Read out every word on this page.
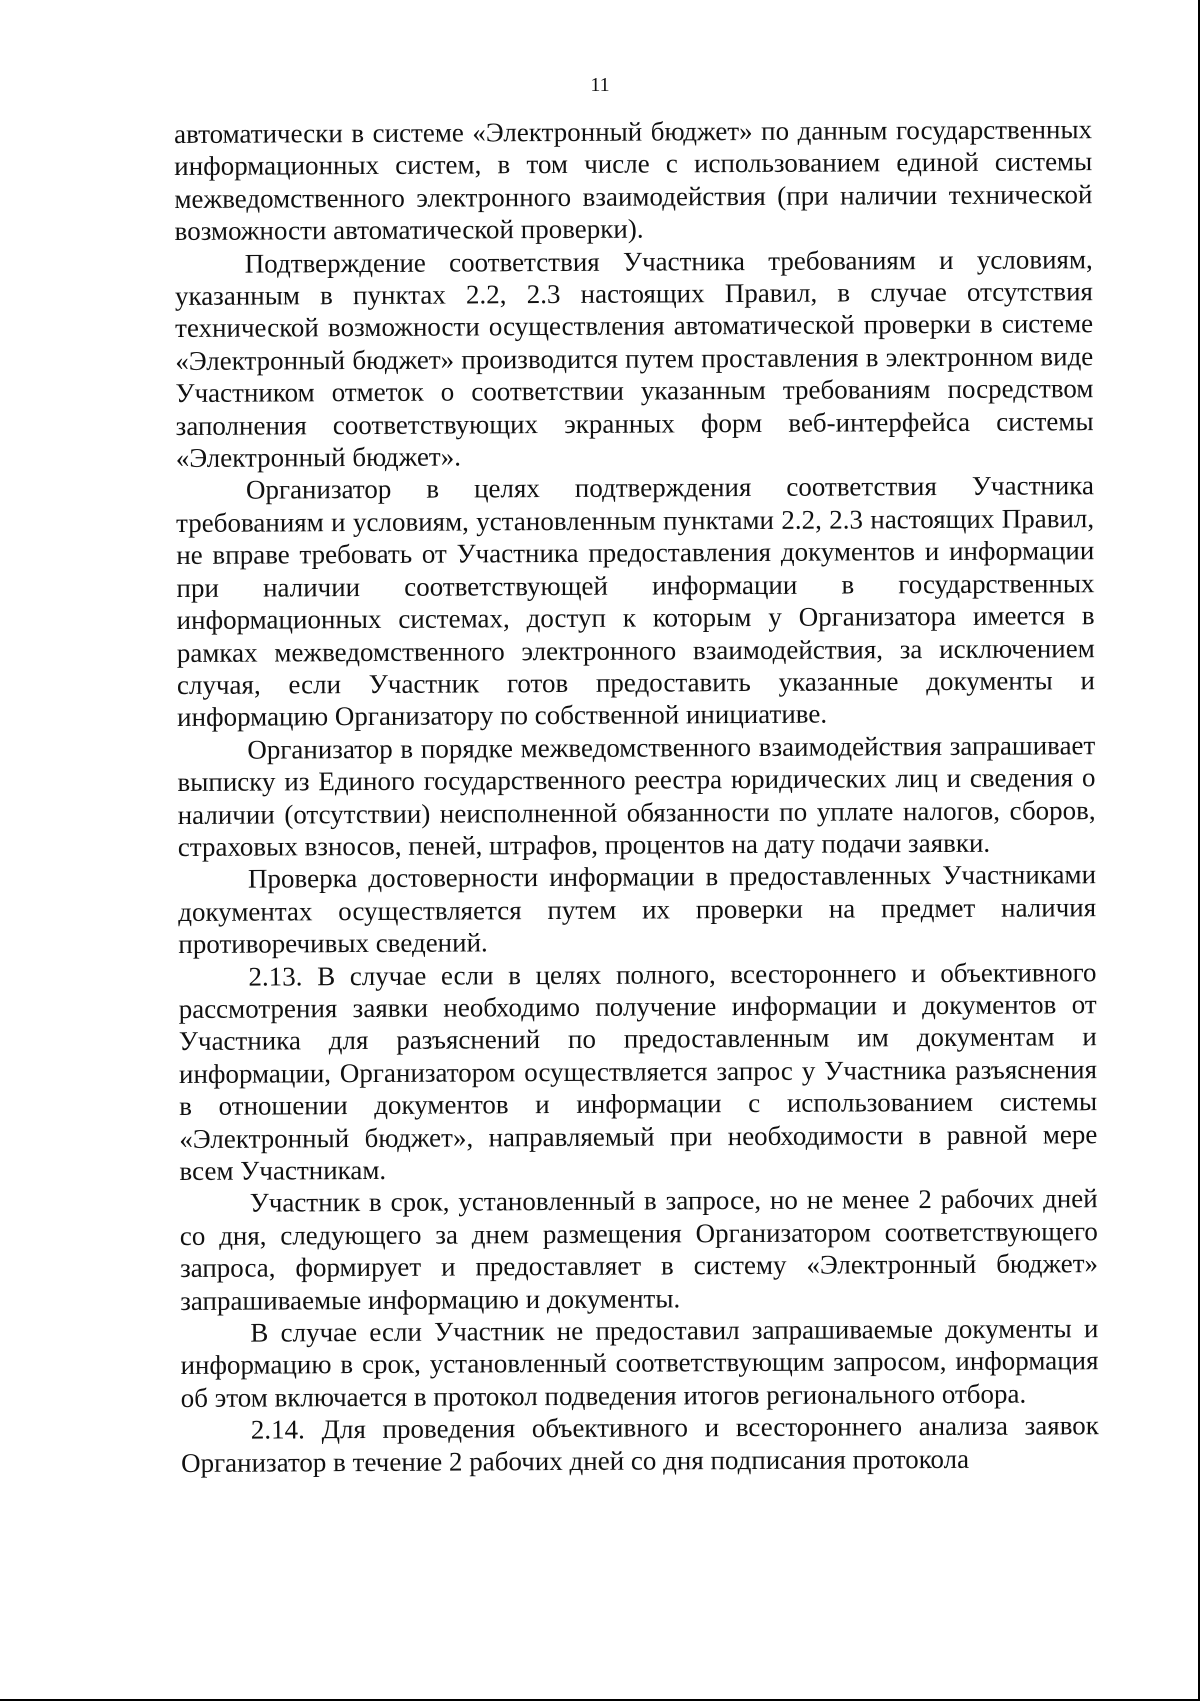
11

автоматически в системе «Электронный бюджет» по данным государственных информационных систем, в том числе с использованием единой системы межведомственного электронного взаимодействия (при наличии технической возможности автоматической проверки).

Подтверждение соответствия Участника требованиям и условиям, указанным в пунктах 2.2, 2.3 настоящих Правил, в случае отсутствия технической возможности осуществления автоматической проверки в системе «Электронный бюджет» производится путем проставления в электронном виде Участником отметок о соответствии указанным требованиям посредством заполнения соответствующих экранных форм веб-интерфейса системы «Электронный бюджет».

Организатор в целях подтверждения соответствия Участника требованиям и условиям, установленным пунктами 2.2, 2.3 настоящих Правил, не вправе требовать от Участника предоставления документов и информации при наличии соответствующей информации в государственных информационных системах, доступ к которым у Организатора имеется в рамках межведомственного электронного взаимодействия, за исключением случая, если Участник готов предоставить указанные документы и информацию Организатору по собственной инициативе.

Организатор в порядке межведомственного взаимодействия запрашивает выписку из Единого государственного реестра юридических лиц и сведения о наличии (отсутствии) неисполненной обязанности по уплате налогов, сборов, страховых взносов, пеней, штрафов, процентов на дату подачи заявки.

Проверка достоверности информации в предоставленных Участниками документах осуществляется путем их проверки на предмет наличия противоречивых сведений.

2.13. В случае если в целях полного, всестороннего и объективного рассмотрения заявки необходимо получение информации и документов от Участника для разъяснений по предоставленным им документам и информации, Организатором осуществляется запрос у Участника разъяснения в отношении документов и информации с использованием системы «Электронный бюджет», направляемый при необходимости в равной мере всем Участникам.

Участник в срок, установленный в запросе, но не менее 2 рабочих дней со дня, следующего за днем размещения Организатором соответствующего запроса, формирует и предоставляет в систему «Электронный бюджет» запрашиваемые информацию и документы.

В случае если Участник не предоставил запрашиваемые документы и информацию в срок, установленный соответствующим запросом, информация об этом включается в протокол подведения итогов регионального отбора.

2.14. Для проведения объективного и всестороннего анализа заявок Организатор в течение 2 рабочих дней со дня подписания протокола
